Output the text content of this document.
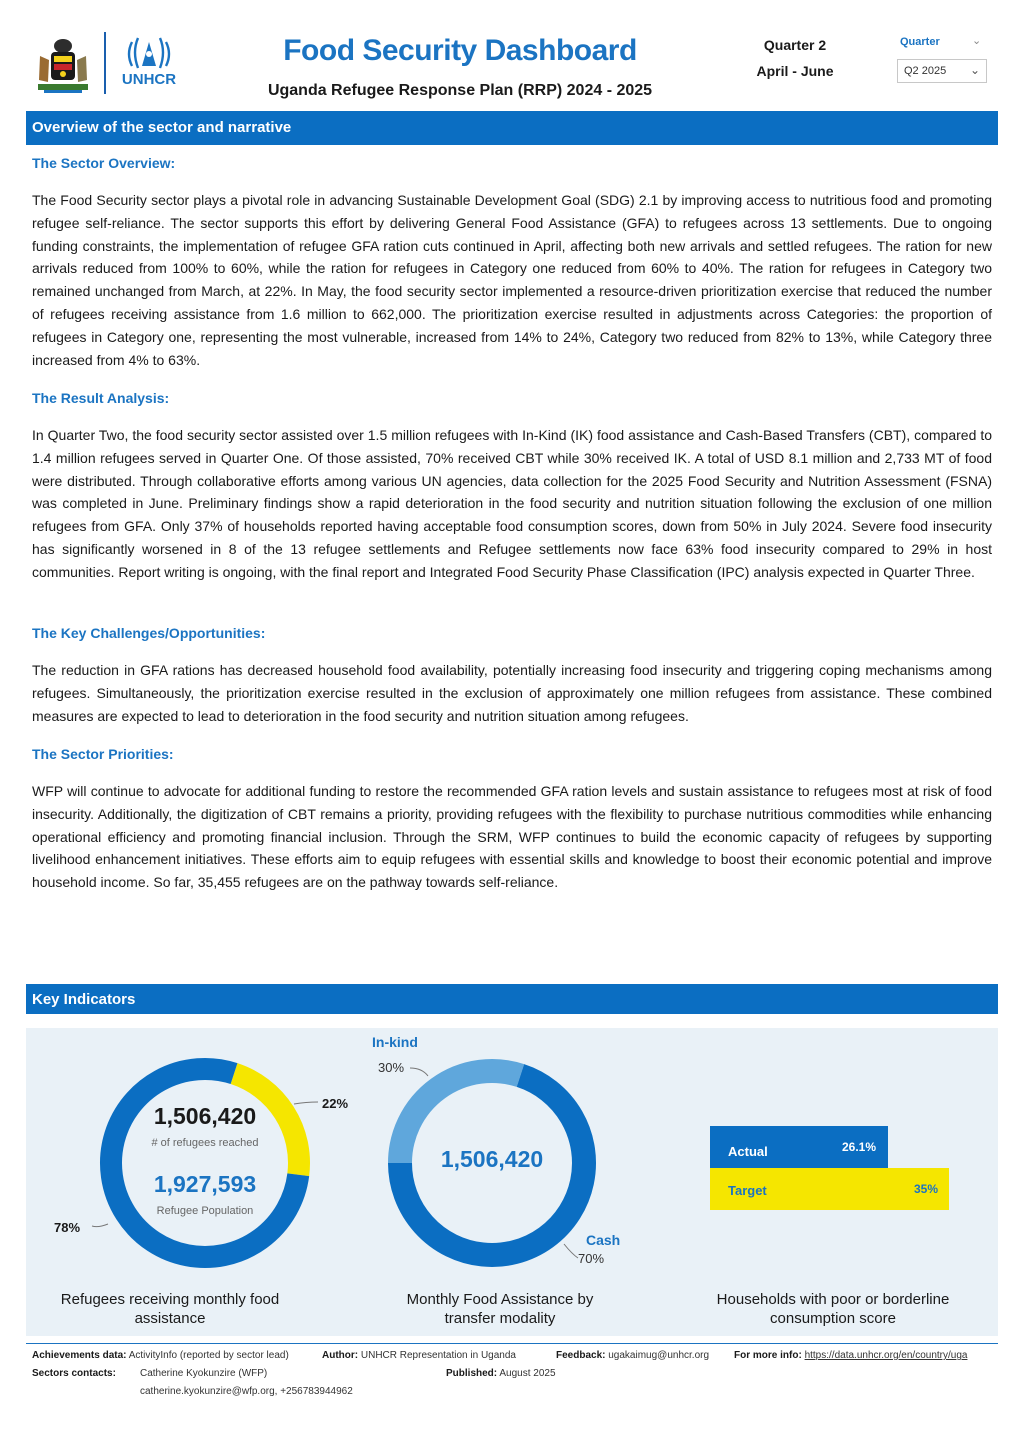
UNHCR
Food Security Dashboard
Uganda Refugee Response Plan (RRP) 2024 - 2025
Quarter 2
April - June
Quarter	⌄
Q2 2025 ⌄
Overview of the sector and narrative
The Sector Overview:
The Food Security sector plays a pivotal role in advancing Sustainable Development Goal (SDG) 2.1 by improving access to nutritious food and promoting refugee self-reliance. The sector supports this effort by delivering General Food Assistance (GFA) to refugees across 13 settlements. Due to ongoing funding constraints, the implementation of refugee GFA ration cuts continued in April, affecting both new arrivals and settled refugees. The ration for new arrivals reduced from 100% to 60%, while the ration for refugees in Category one reduced from 60% to 40%. The ration for refugees in Category two remained unchanged from March, at 22%. In May, the food security sector implemented a resource-driven prioritization exercise that reduced the number of refugees receiving assistance from 1.6 million to 662,000. The prioritization exercise resulted in adjustments across Categories: the proportion of refugees in Category one, representing the most vulnerable, increased from 14% to 24%, Category two reduced from 82% to 13%, while Category three increased from 4% to 63%.
The Result Analysis:
In Quarter Two, the food security sector assisted over 1.5 million refugees with In-Kind (IK) food assistance and Cash-Based Transfers (CBT), compared to 1.4 million refugees served in Quarter One. Of those assisted, 70% received CBT while 30% received IK. A total of USD 8.1 million and 2,733 MT of food were distributed. Through collaborative efforts among various UN agencies, data collection for the 2025 Food Security and Nutrition Assessment (FSNA) was completed in June. Preliminary findings show a rapid deterioration in the food security and nutrition situation following the exclusion of one million refugees from GFA. Only 37% of households reported having acceptable food consumption scores, down from 50% in July 2024. Severe food insecurity has significantly worsened in 8 of the 13 refugee settlements and Refugee settlements now face 63% food insecurity compared to 29% in host communities. Report writing is ongoing, with the final report and Integrated Food Security Phase Classification (IPC) analysis expected in Quarter Three.
The Key Challenges/Opportunities:
The reduction in GFA rations has decreased household food availability, potentially increasing food insecurity and triggering coping mechanisms among refugees. Simultaneously, the prioritization exercise resulted in the exclusion of approximately one million refugees from assistance. These combined measures are expected to lead to deterioration in the food security and nutrition situation among refugees.
The Sector Priorities:
WFP will continue to advocate for additional funding to restore the recommended GFA ration levels and sustain assistance to refugees most at risk of food insecurity. Additionally, the digitization of CBT remains a priority, providing refugees with the flexibility to purchase nutritious commodities while enhancing operational efficiency and promoting financial inclusion. Through the SRM, WFP continues to build the economic capacity of refugees by supporting livelihood enhancement initiatives. These efforts aim to equip refugees with essential skills and knowledge to boost their economic potential and improve household income. So far, 35,455 refugees are on the pathway towards self-reliance.
Key Indicators
1,506,420
# of refugees reached
1,927,593
Refugee Population
22%
78%
Refugees receiving monthly food assistance
In-kind
30%
1,506,420
Cash
70%
Monthly Food Assistance by transfer modality
Actual
Target
26.1%
35%
Households with poor or borderline consumption score
Achievements data: ActivityInfo (reported by sector lead)	Author: UNHCR Representation in Uganda	Feedback: ugakaimug@unhcr.org For more info: https://data.unhcr.org/en/country/uga
Sectors contacts: Catherine Kyokunzire (WFP)	Published: August 2025
catherine.kyokunzire@wfp.org, +256783944962
